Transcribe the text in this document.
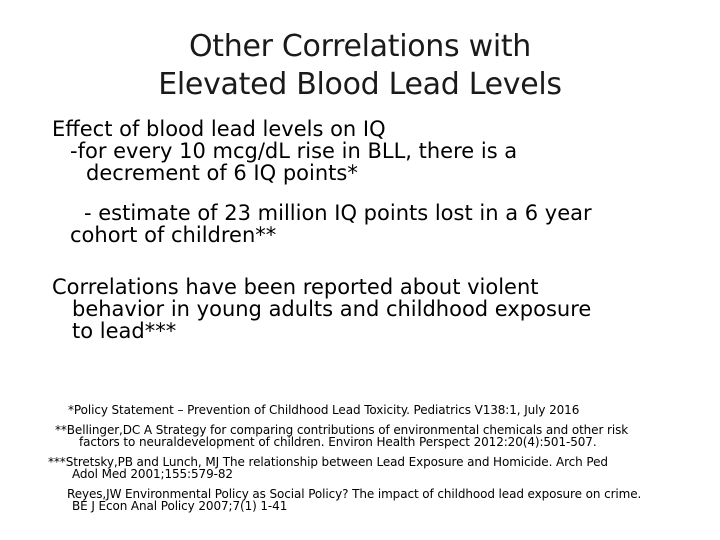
Other Correlations with
Elevated Blood Lead Levels
Effect of blood lead levels on IQ
-for every 10 mcg/dL rise in BLL, there is a
decrement of 6 IQ points*
- estimate of 23 million IQ points lost in a 6 year
cohort of children**
Correlations have been reported about violent
behavior in young adults and childhood exposure
to lead***
*Policy Statement – Prevention of Childhood Lead Toxicity. Pediatrics V138:1, July 2016
**Bellinger,DC A Strategy for comparing contributions of environmental chemicals and other risk
factors to neuraldevelopment of children. Environ Health Perspect 2012:20(4):501-507.
***Stretsky,PB and Lunch, MJ The relationship between Lead Exposure and Homicide. Arch Ped
Adol Med 2001;155:579-82
Reyes,JW Environmental Policy as Social Policy? The impact of childhood lead exposure on crime.
BE J Econ Anal Policy 2007;7(1) 1-41
